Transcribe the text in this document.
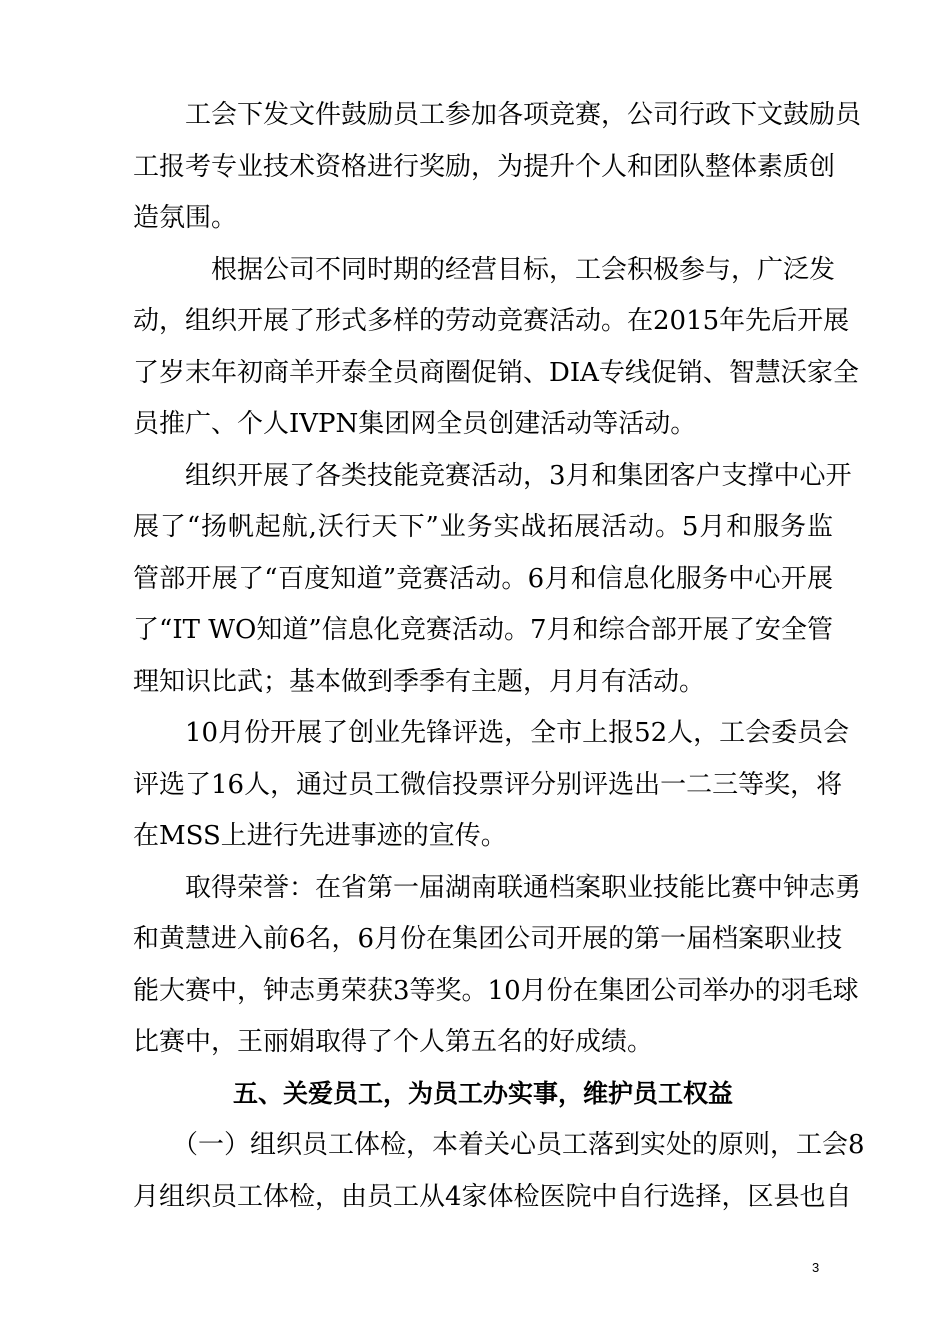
　　工会下发文件鼓励员工参加各项竞赛，公司行政下文鼓励员
工报考专业技术资格进行奖励，为提升个人和团队整体素质创
造氛围。
　　　根据公司不同时期的经营目标，工会积极参与，广泛发
动，组织开展了形式多样的劳动竞赛活动。在2015年先后开展
了岁末年初商羊开泰全员商圈促销、DIA专线促销、智慧沃家全
员推广、个人IVPN集团网全员创建活动等活动。
　　组织开展了各类技能竞赛活动，3月和集团客户支撑中心开
展了“扬帆起航,沃行天下”业务实战拓展活动。5月和服务监
管部开展了“百度知道”竞赛活动。6月和信息化服务中心开展
了“IT WO知道”信息化竞赛活动。7月和综合部开展了安全管
理知识比武；基本做到季季有主题，月月有活动。
　　10月份开展了创业先锋评选，全市上报52人，工会委员会
评选了16人，通过员工微信投票评分别评选出一二三等奖，将
在MSS上进行先进事迹的宣传。
　　取得荣誉：在省第一届湖南联通档案职业技能比赛中钟志勇
和黄慧进入前6名，6月份在集团公司开展的第一届档案职业技
能大赛中，钟志勇荣获3等奖。10月份在集团公司举办的羽毛球
比赛中，王丽娟取得了个人第五名的好成绩。
五、关爱员工，为员工办实事，维护员工权益
　　（一）组织员工体检，本着关心员工落到实处的原则，工会8
月组织员工体检，由员工从4家体检医院中自行选择，区县也自
3
